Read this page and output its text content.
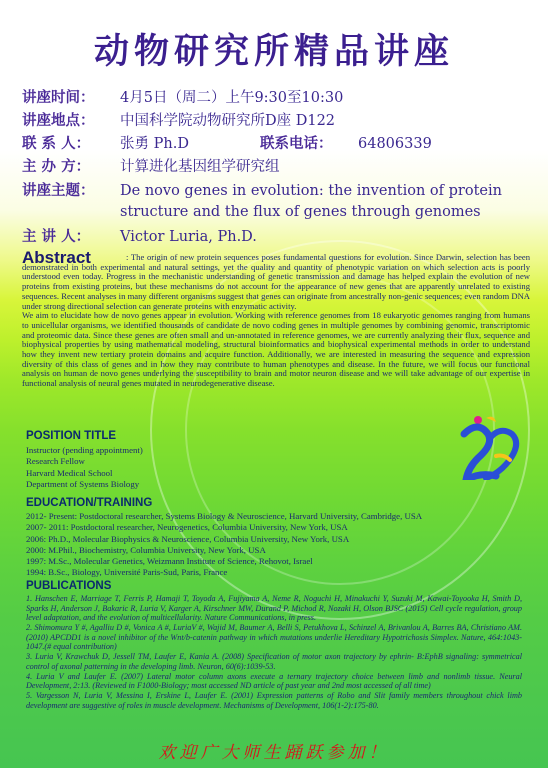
动物研究所精品讲座
讲座时间： 4月5日（周二）上午9:30至10:30
讲座地点： 中国科学院动物研究所D座 D122
联 系 人： 张勇 Ph.D	联系电话： 64806339
主 办 方： 计算进化基因组学研究组
讲座主题： De novo genes in evolution: the invention of protein
structure and the flux of genes through genomes
主 讲 人： Victor Luria, Ph.D.
Abstract	: The origin of new protein sequences poses fundamental questions for evolution. Since Darwin, selection has been demonstrated in both experimental and natural settings, yet the quality and quantity of phenotypic variation on which selection acts is poorly understood even today. Progress in the mechanistic understanding of genetic transmission and damage has helped explain the evolution of new proteins from existing proteins, but these mechanisms do not account for the appearance of new genes that are apparently unrelated to existing sequences. Recent analyses in many different organisms suggest that genes can originate from ancestrally non-genic sequences; even random DNA under strong directional selection can generate proteins with enzymatic activity.

We aim to elucidate how de novo genes appear in evolution. Working with reference genomes from 18 eukaryotic genomes ranging from humans to unicellular organisms, we identified thousands of candidate de novo coding genes in multiple genomes by combining genomic, transcriptomic and proteomic data. Since these genes are often small and un-annotated in reference genomes, we are currently analyzing their flux, sequence and biophysical properties by using mathematical modeling, structural bioinformatics and biophysical experimental methods in order to understand how they invent new tertiary protein domains and acquire function. Additionally, we are interested in measuring the sequence and expression diversity of this class of genes and in how they may contribute to human phenotypes and disease. In the future, we will focus our functional analysis on human de novo genes underlying the susceptibility to brain and motor neuron disease and we will take advantage of our expertise in functional analysis of neural genes mutated in neurodegenerative disease.

POSITION TITLE
Instructor (pending appointment)
Research Fellow
Harvard Medical School
Department of Systems Biology
EDUCATION/TRAINING
2012- Present: Postdoctoral researcher, Systems Biology & Neuroscience, Harvard University, Cambridge, USA
2007- 2011: Postdoctoral researcher, Neurogenetics, Columbia University, New York, USA
2006: Ph.D., Molecular Biophysics & Neuroscience, Columbia University, New York, USA
2000: M.Phil., Biochemistry, Columbia University, New York, USA
1997: M.Sc., Molecular Genetics, Weizmann Institute of Science, Rehovot, Israel
1994: B.Sc., Biology, Université Paris-Sud, Paris, France
PUBLICATIONS

1. Hanschen E, Marriage T, Ferris P, Hamaji T, Toyoda A, Fujiyama A, Neme R, Noguchi H, Minakuchi Y, Suzuki M, Kawai-Toyooka H, Smith D, Sparks H, Anderson J, Bakaric R, Luria V, Karger A, Kirschner MW, Durand P, Michod R, Nozaki H, Olson BJSC (2015) Cell cycle regulation, group level adaptation, and the evolution of multicellularity. Nature Communications, in press.

2. Shimomura Y #, Agalliu D #, Vonica A #, LuriaV #, Wajid M, Baumer A, Belli S, Petukhova L, Schinzel A, Brivanlou A, Barres BA, Christiano AM. (2010) APCDD1 is a novel inhibitor of the Wnt/b-catenin pathway in which mutations underlie Hereditary Hypotrichosis Simplex. Nature, 464:1043-1047.(# equal contribution)

3. Luria V, Krawchuk D, Jessell TM, Laufer E, Kania A. (2008) Specification of motor axon trajectory by ephrin- B:EphB signaling: symmetrical control of axonal patterning in the developing limb. Neuron, 60(6):1039-53.

4. Luria V and Laufer E. (2007) Lateral motor column axons execute a ternary trajectory choice between limb and nonlimb tissue. Neural Development, 2:13. (Reviewed in F1000-Biology; most accessed ND article of past year and 2nd most accessed of all time)

5. Vargesson N, Luria V, Messina I, Erskine L, Laufer E. (2001) Expression patterns of Robo and Slit family members throughout chick limb development are suggestive of roles in muscle development. Mechanisms of Development, 106(1-2):175-80.

欢迎广大师生踊跃参加！
